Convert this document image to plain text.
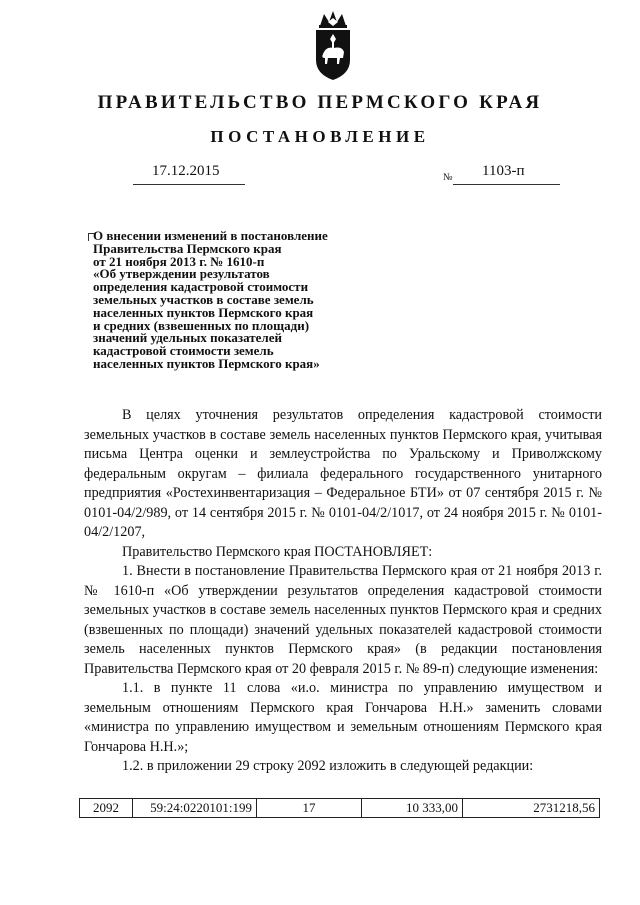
ПРАВИТЕЛЬСТВО ПЕРМСКОГО КРАЯ
ПОСТАНОВЛЕНИЕ
17.12.2015	№ 1103-п
О внесении изменений в постановление
Правительства Пермского края
от 21 ноября 2013 г. № 1610-п
«Об утверждении результатов
определения кадастровой стоимости
земельных участков в составе земель
населенных пунктов Пермского края
и средних (взвешенных по площади)
значений удельных показателей
кадастровой стоимости земель
населенных пунктов Пермского края»

В целях уточнения результатов определения кадастровой стоимости земельных участков в составе земель населенных пунктов Пермского края, учитывая письма Центра оценки и землеустройства по Уральскому и Приволжскому федеральным округам – филиала федерального государственного унитарного предприятия «Ростехинвентаризация – Федеральное БТИ» от 07 сентября 2015 г. № 0101-04/2/989, от 14 сентября 2015 г. № 0101-04/2/1017, от 24 ноября 2015 г. № 0101-04/2/1207,

Правительство Пермского края ПОСТАНОВЛЯЕТ:

1. Внести в постановление Правительства Пермского края от 21 ноября 2013 г. № 1610-п «Об утверждении результатов определения кадастровой стоимости земельных участков в составе земель населенных пунктов Пермского края и средних (взвешенных по площади) значений удельных показателей кадастровой стоимости земель населенных пунктов Пермского края» (в редакции постановления Правительства Пермского края от 20 февраля 2015 г. № 89-п) следующие изменения:

1.1. в пункте 11 слова «и.о. министра по управлению имуществом и земельным отношениям Пермского края Гончарова Н.Н.» заменить словами «министра по управлению имуществом и земельным отношениям Пермского края Гончарова Н.Н.»;

1.2. в приложении 29 строку 2092 изложить в следующей редакции:

2092	59:24:0220101:199	17	10 333,00	2731218,56
